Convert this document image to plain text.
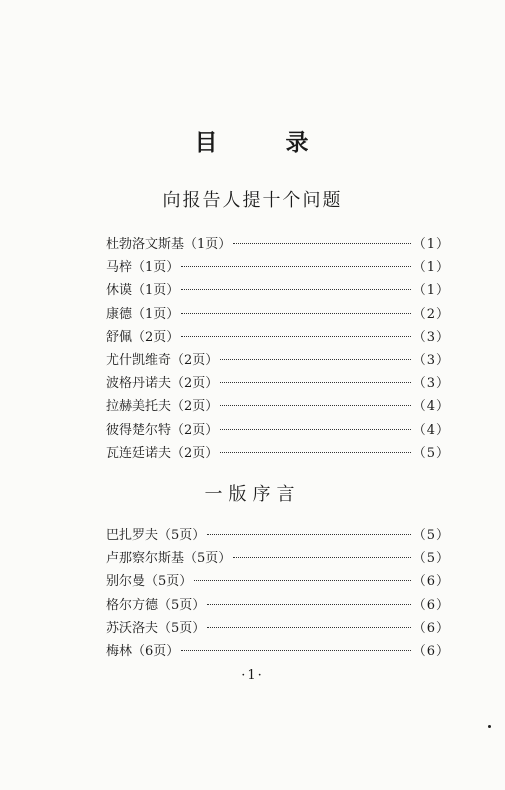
目 录
向报告人提十个问题
杜勃洛文斯基（1页）	（1）
马梓（1页）	（1）
休谟（1页）	（1）
康德（1页）	（2）
舒佩（2页）	（3）
尤什凯维奇（2页）	（3）
波格丹诺夫（2页）	（3）
拉赫美托夫（2页）	（4）
彼得楚尔特（2页）	（4）
瓦连廷诺夫（2页）	（5）
一版序言
巴扎罗夫（5页）	（5）
卢那察尔斯基（5页）	（5）
别尔曼（5页）	（6）
格尔方德（5页）	（6）
苏沃洛夫（5页）	（6）
梅林（6页）	（6）
·1·
